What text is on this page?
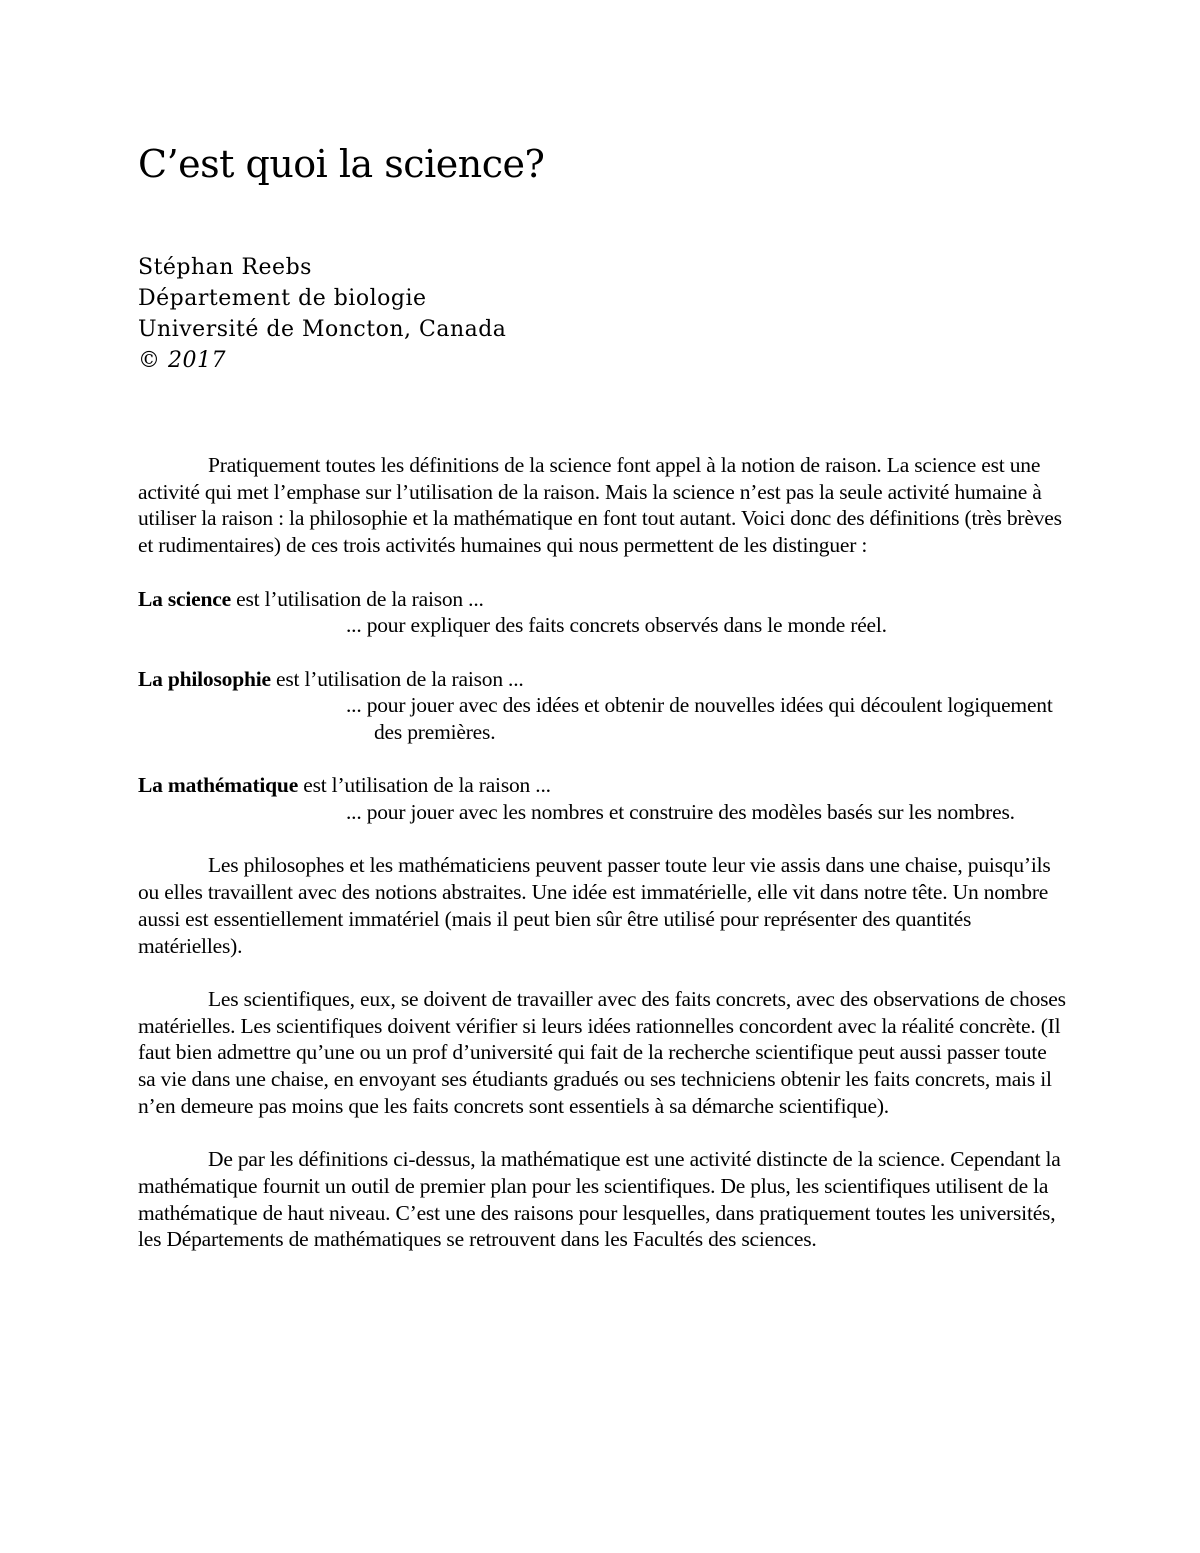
C’est quoi la science?
Stéphan Reebs
Département de biologie
Université de Moncton, Canada
© 2017

Pratiquement toutes les définitions de la science font appel à la notion de raison. La science est une activité qui met l’emphase sur l’utilisation de la raison. Mais la science n’est pas la seule activité humaine à utiliser la raison : la philosophie et la mathématique en font tout autant. Voici donc des définitions (très brèves et rudimentaires) de ces trois activités humaines qui nous permettent de les distinguer :

La science est l’utilisation de la raison ...
... pour expliquer des faits concrets observés dans le monde réel.
La philosophie est l’utilisation de la raison ...
... pour jouer avec des idées et obtenir de nouvelles idées qui découlent logiquement des premières.
La mathématique est l’utilisation de la raison ...
... pour jouer avec les nombres et construire des modèles basés sur les nombres.

Les philosophes et les mathématiciens peuvent passer toute leur vie assis dans une chaise, puisqu’ils ou elles travaillent avec des notions abstraites. Une idée est immatérielle, elle vit dans notre tête. Un nombre aussi est essentiellement immatériel (mais il peut bien sûr être utilisé pour représenter des quantités matérielles).

Les scientifiques, eux, se doivent de travailler avec des faits concrets, avec des observations de choses matérielles. Les scientifiques doivent vérifier si leurs idées rationnelles concordent avec la réalité concrète. (Il faut bien admettre qu’une ou un prof d’université qui fait de la recherche scientifique peut aussi passer toute sa vie dans une chaise, en envoyant ses étudiants gradués ou ses techniciens obtenir les faits concrets, mais il n’en demeure pas moins que les faits concrets sont essentiels à sa démarche scientifique).

De par les définitions ci-dessus, la mathématique est une activité distincte de la science. Cependant la mathématique fournit un outil de premier plan pour les scientifiques. De plus, les scientifiques utilisent de la mathématique de haut niveau. C’est une des raisons pour lesquelles, dans pratiquement toutes les universités, les Départements de mathématiques se retrouvent dans les Facultés des sciences.
